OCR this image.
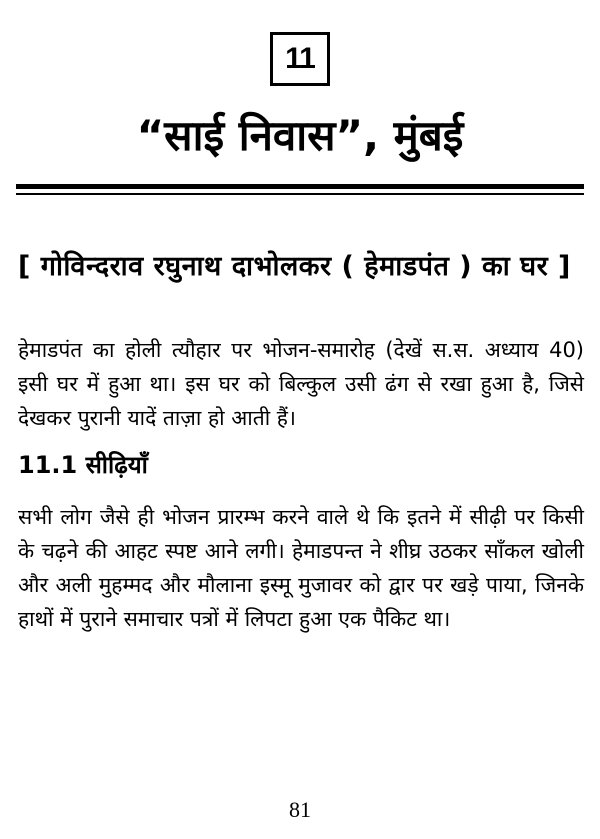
11
“साई निवास”, मुंबई
[ गोविन्दराव रघुनाथ दाभोलकर ( हेमाडपंत ) का घर ]
हेमाडपंत का होली त्यौहार पर भोजन-समारोह (देखें स.स. अध्याय 40) इसी घर में हुआ था। इस घर को बिल्कुल उसी ढंग से रखा हुआ है, जिसे देखकर पुरानी यादें ताज़ा हो आती हैं।
11.1 सीढ़ियाँ
सभी लोग जैसे ही भोजन प्रारम्भ करने वाले थे कि इतने में सीढ़ी पर किसी के चढ़ने की आहट स्पष्ट आने लगी। हेमाडपन्त ने शीघ्र उठकर साँकल खोली और अली मुहम्मद और मौलाना इस्मू मुजावर को द्वार पर खड़े पाया, जिनके हाथों में पुराने समाचार पत्रों में लिपटा हुआ एक पैकिट था।
81
